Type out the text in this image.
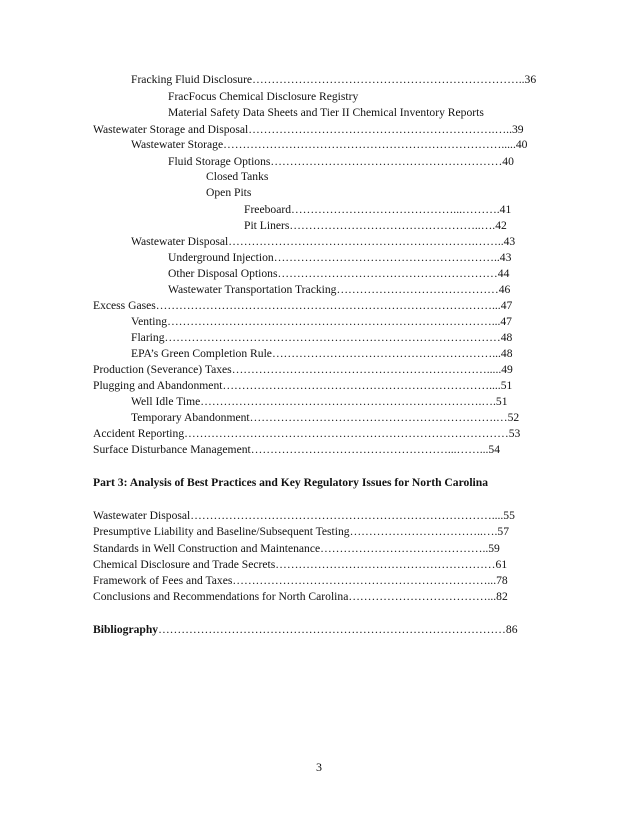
Fracking Fluid Disclosure……………………………………………………………..36
FracFocus Chemical Disclosure Registry
Material Safety Data Sheets and Tier II Chemical Inventory Reports
Wastewater Storage and Disposal……………………………………………………….…..39
Wastewater Storage……………………………………………………………….....40
Fluid Storage Options……………………………………………………40
Closed Tanks
Open Pits
Freeboard……………………………………...……….41
Pit Liners…………………………………………..….42
Wastewater Disposal……………………………………………………….……..43
Underground Injection…………………………………………………..43
Other Disposal Options…………………………………………………44
Wastewater Transportation Tracking……………………………………46
Excess Gases……………………………………………………………………………...47
Venting…………………………………………………………………………...47
Flaring……………………………………………………………………………48
EPA’s Green Completion Rule…………………………………………………...48
Production (Severance) Taxes………………………………………………………….....49
Plugging and Abandonment……………………………………………………………....51
Well Idle Time……………………………………………………………….….51
Temporary Abandonment……………………………………………………….…52
Accident Reporting…………………………………………………………………………53
Surface Disturbance Management……………………………………………...……...54
Part 3: Analysis of Best Practices and Key Regulatory Issues for North Carolina
Wastewater Disposal……………………………………………………………………....55
Presumptive Liability and Baseline/Subsequent Testing……………………………..….57
Standards in Well Construction and Maintenance……………………………………..59
Chemical Disclosure and Trade Secrets…………………………………………………61
Framework of Fees and Taxes…………………………………………………………...78
Conclusions and Recommendations for North Carolina………………………………...82
Bibliography………………………………………………………………………………86
3
